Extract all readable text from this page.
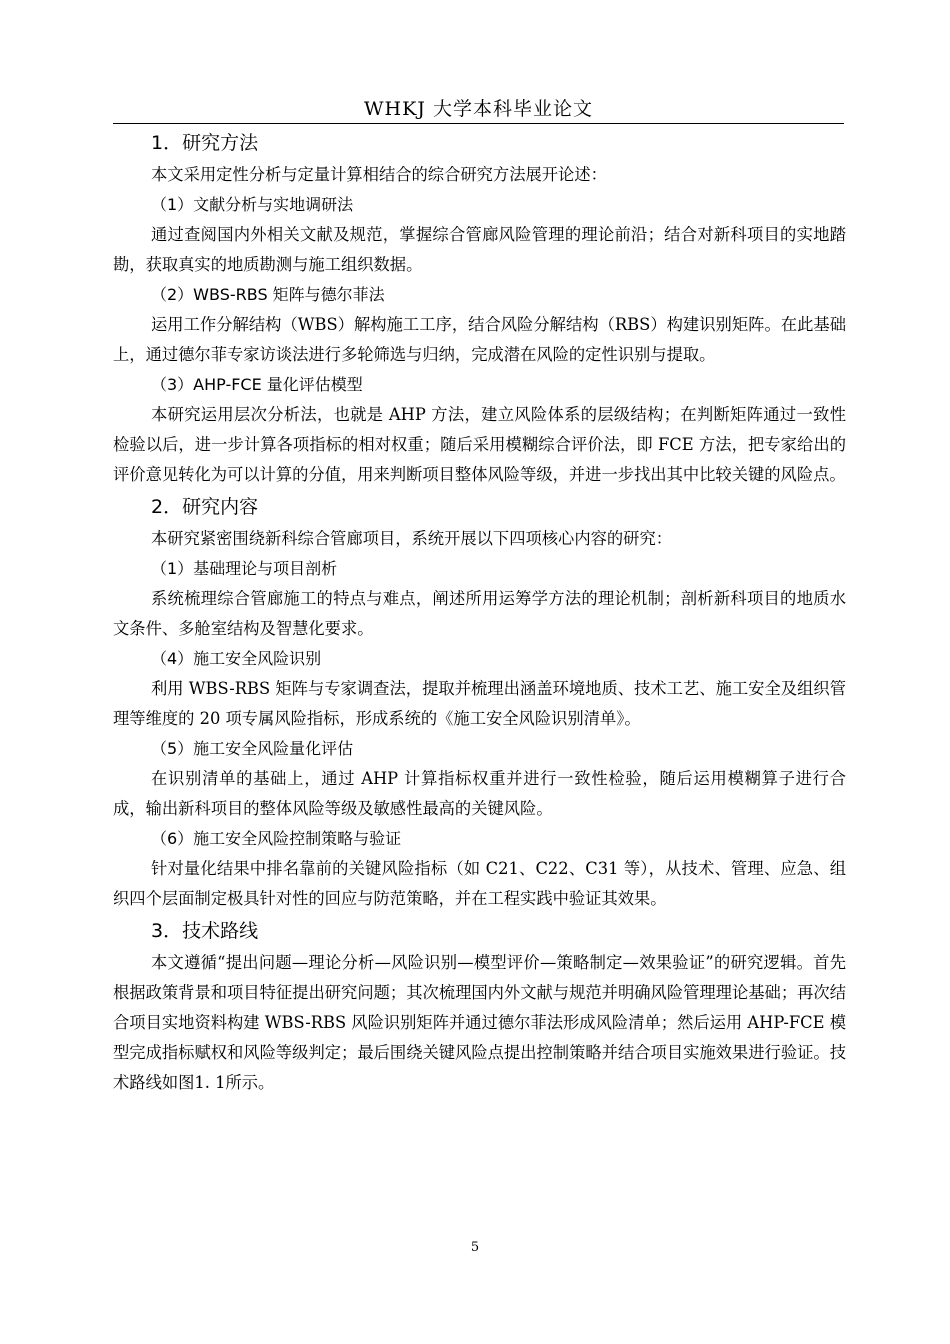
WHKJ 大学本科毕业论文
1．研究方法
本文采用定性分析与定量计算相结合的综合研究方法展开论述：
（1）文献分析与实地调研法
通过查阅国内外相关文献及规范，掌握综合管廊风险管理的理论前沿；结合对新科项目的实地踏勘，获取真实的地质勘测与施工组织数据。
（2）WBS-RBS 矩阵与德尔菲法
运用工作分解结构（WBS）解构施工工序，结合风险分解结构（RBS）构建识别矩阵。在此基础上，通过德尔菲专家访谈法进行多轮筛选与归纳，完成潜在风险的定性识别与提取。
（3）AHP-FCE 量化评估模型
本研究运用层次分析法，也就是 AHP 方法，建立风险体系的层级结构；在判断矩阵通过一致性检验以后，进一步计算各项指标的相对权重；随后采用模糊综合评价法，即 FCE 方法，把专家给出的评价意见转化为可以计算的分值，用来判断项目整体风险等级，并进一步找出其中比较关键的风险点。
2．研究内容
本研究紧密围绕新科综合管廊项目，系统开展以下四项核心内容的研究：
（1）基础理论与项目剖析
系统梳理综合管廊施工的特点与难点，阐述所用运筹学方法的理论机制；剖析新科项目的地质水文条件、多舱室结构及智慧化要求。
（4）施工安全风险识别
利用 WBS-RBS 矩阵与专家调查法，提取并梳理出涵盖环境地质、技术工艺、施工安全及组织管理等维度的 20 项专属风险指标，形成系统的《施工安全风险识别清单》。
（5）施工安全风险量化评估
在识别清单的基础上，通过 AHP 计算指标权重并进行一致性检验，随后运用模糊算子进行合成，输出新科项目的整体风险等级及敏感性最高的关键风险。
（6）施工安全风险控制策略与验证
针对量化结果中排名靠前的关键风险指标（如 C21、C22、C31 等），从技术、管理、应急、组织四个层面制定极具针对性的回应与防范策略，并在工程实践中验证其效果。
3．技术路线
本文遵循“提出问题—理论分析—风险识别—模型评价—策略制定—效果验证”的研究逻辑。首先根据政策背景和项目特征提出研究问题；其次梳理国内外文献与规范并明确风险管理理论基础；再次结合项目实地资料构建 WBS-RBS 风险识别矩阵并通过德尔菲法形成风险清单；然后运用 AHP-FCE 模型完成指标赋权和风险等级判定；最后围绕关键风险点提出控制策略并结合项目实施效果进行验证。技术路线如图1. 1所示。
5
